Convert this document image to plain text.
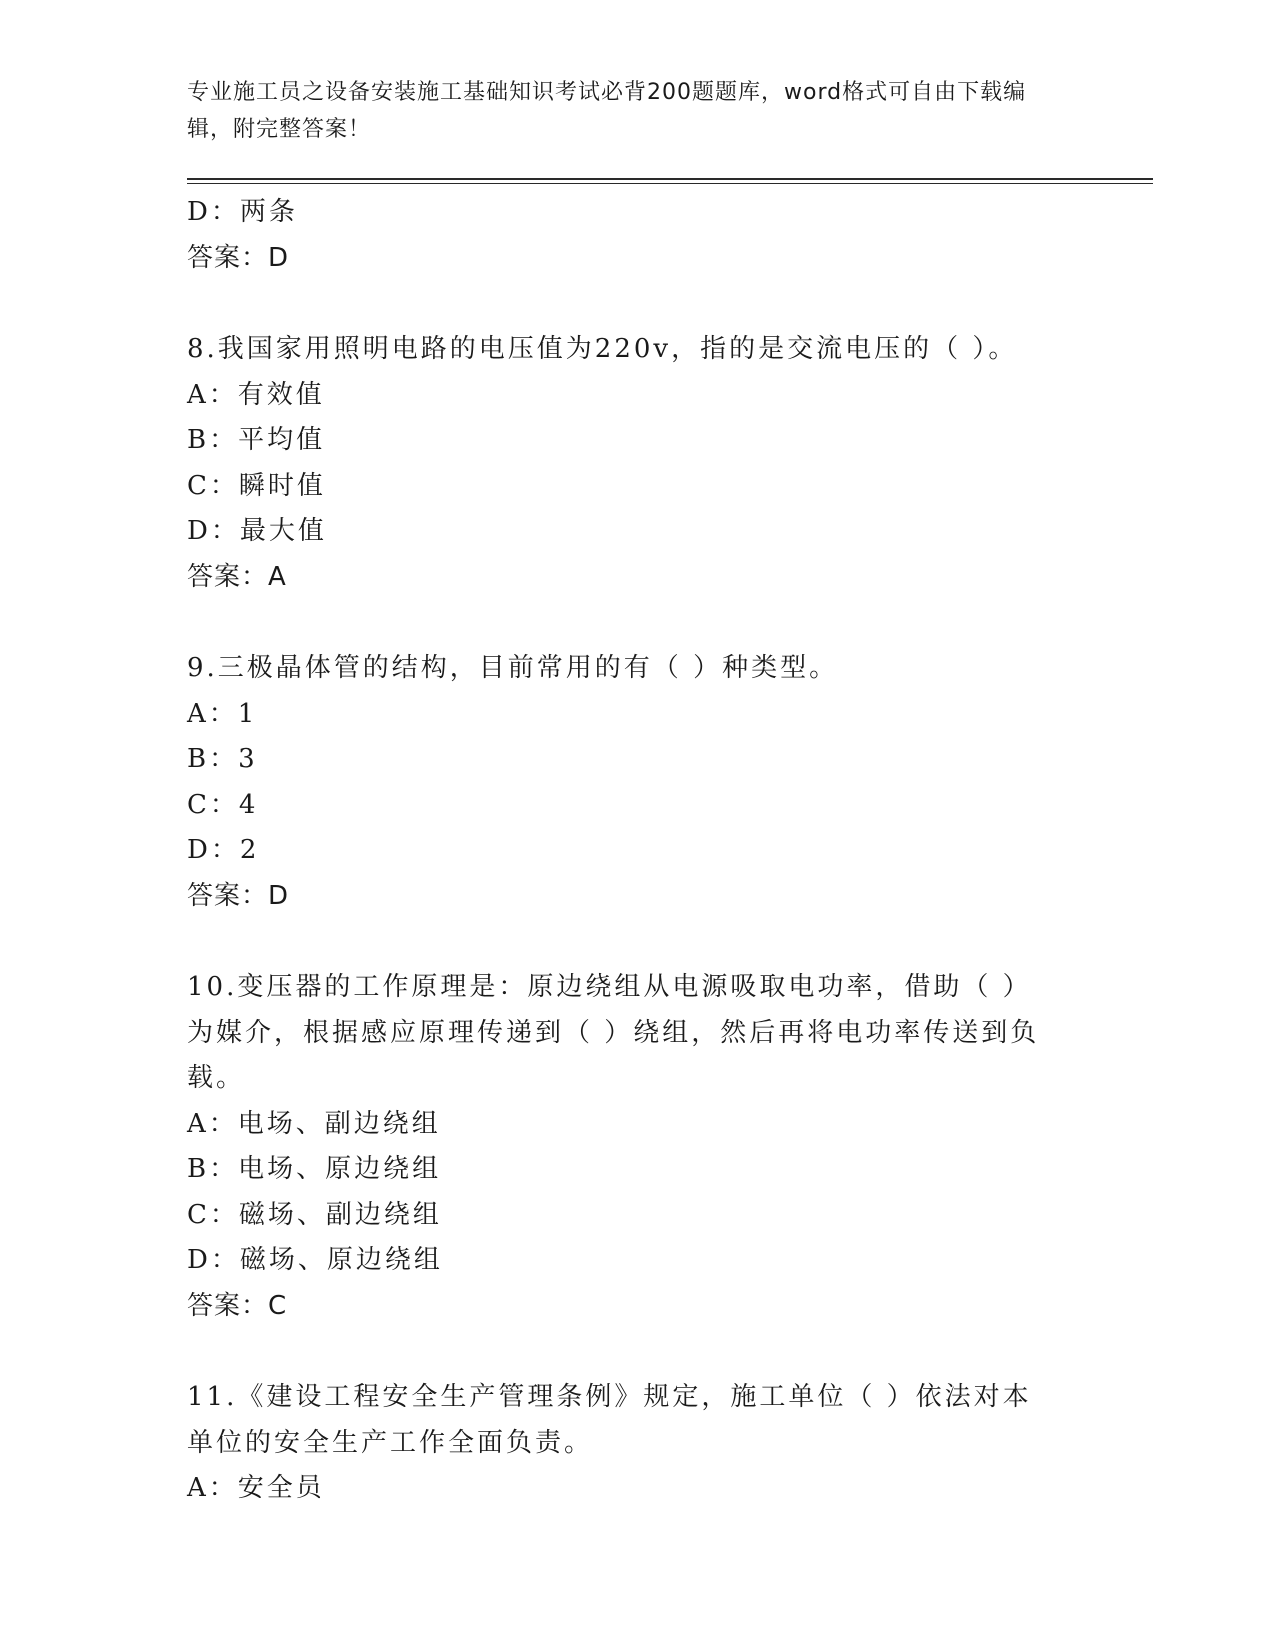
专业施工员之设备安装施工基础知识考试必背200题题库，word格式可自由下载编辑，附完整答案！
D：两条
答案：D
8.我国家用照明电路的电压值为220v，指的是交流电压的（ ）。
A：有效值
B：平均值
C：瞬时值
D：最大值
答案：A
9.三极晶体管的结构，目前常用的有（ ）种类型。
A：1
B：3
C：4
D：2
答案：D
10.变压器的工作原理是：原边绕组从电源吸取电功率，借助（ ）为媒介，根据感应原理传递到（ ）绕组，然后再将电功率传送到负载。
A：电场、副边绕组
B：电场、原边绕组
C：磁场、副边绕组
D：磁场、原边绕组
答案：C
11.《建设工程安全生产管理条例》规定，施工单位（ ）依法对本单位的安全生产工作全面负责。
A：安全员
